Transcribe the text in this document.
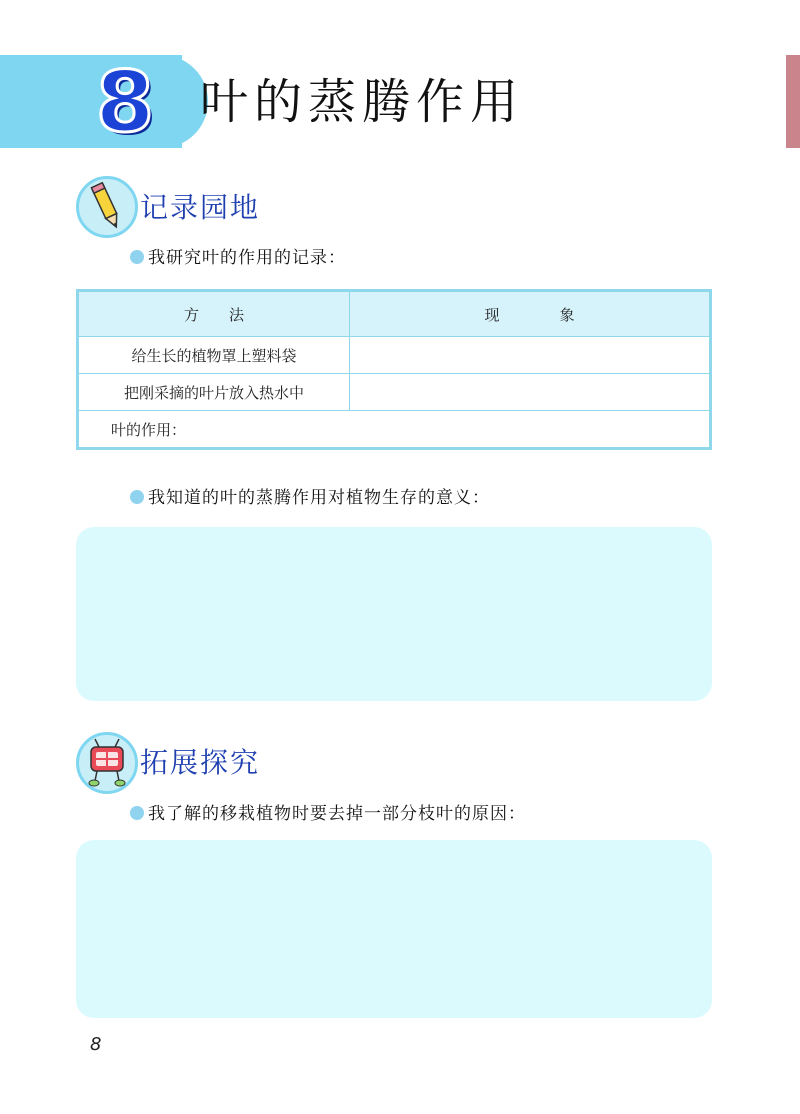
8 叶的蒸腾作用
记录园地
我研究叶的作用的记录：
方　　法	现　　　　象
给生长的植物罩上塑料袋	
把刚采摘的叶片放入热水中	
叶的作用：	
我知道的叶的蒸腾作用对植物生存的意义：
拓展探究
我了解的移栽植物时要去掉一部分枝叶的原因：
8
